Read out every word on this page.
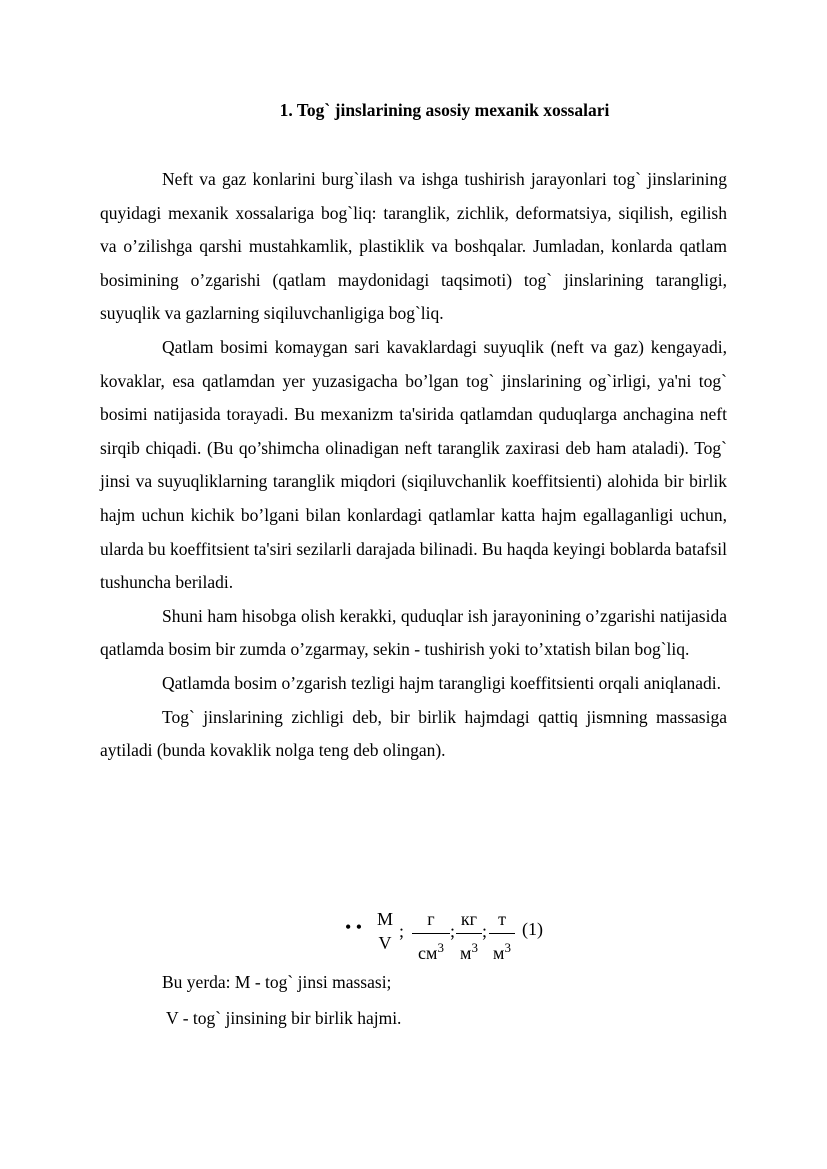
1. Tog` jinslarining asosiy mexanik xossalari

Neft va gaz konlarini burg`ilash va ishga tushirish jarayonlari tog` jinslarining quyidagi mexanik xossalariga bog`liq: taranglik, zichlik, deformatsiya, siqilish, egilish va o’zilishga qarshi mustahkamlik, plastiklik va boshqalar. Jumladan, konlarda qatlam bosimining o’zgarishi (qatlam maydonidagi taqsimoti) tog` jinslarining tarangligi, suyuqlik va gazlarning siqiluvchanligiga bog`liq.

Qatlam bosimi komaygan sari kavaklardagi suyuqlik (neft va gaz) kengayadi, kovaklar, esa qatlamdan yer yuzasigacha bo’lgan tog` jinslarining og`irligi, ya'ni tog` bosimi natijasida torayadi. Bu mexanizm ta'sirida qatlamdan quduqlarga anchagina neft sirqib chiqadi. (Bu qo’shimcha olinadigan neft taranglik zaxirasi deb ham ataladi). Tog` jinsi va suyuqliklarning taranglik miqdori (siqiluvchanlik koeffitsienti) alohida bir birlik hajm uchun kichik bo’lgani bilan konlardagi qatlamlar katta hajm egallaganligi uchun, ularda bu koeffitsient ta'siri sezilarli darajada bilinadi. Bu haqda keyingi boblarda batafsil tushuncha beriladi.

Shuni ham hisobga olish kerakki, quduqlar ish jarayonining o’zgarishi natijasida qatlamda bosim bir zumda o’zgarmay, sekin - tushirish yoki to’xtatish bilan bog`liq.

Qatlamda bosim o’zgarish tezligi hajm tarangligi koeffitsienti orqali aniqlanadi.

Tog` jinslarining zichligi deb, bir birlik hajmdagi qattiq jismning massasiga aytiladi (bunda kovaklik nolga teng deb olingan).

• • M
V
;
г
$см^3$
;
кг
$м^3$
;
т
$м^3$
(1)
Bu yerda: M - tog` jinsi massasi;
V - tog` jinsining bir birlik hajmi.
